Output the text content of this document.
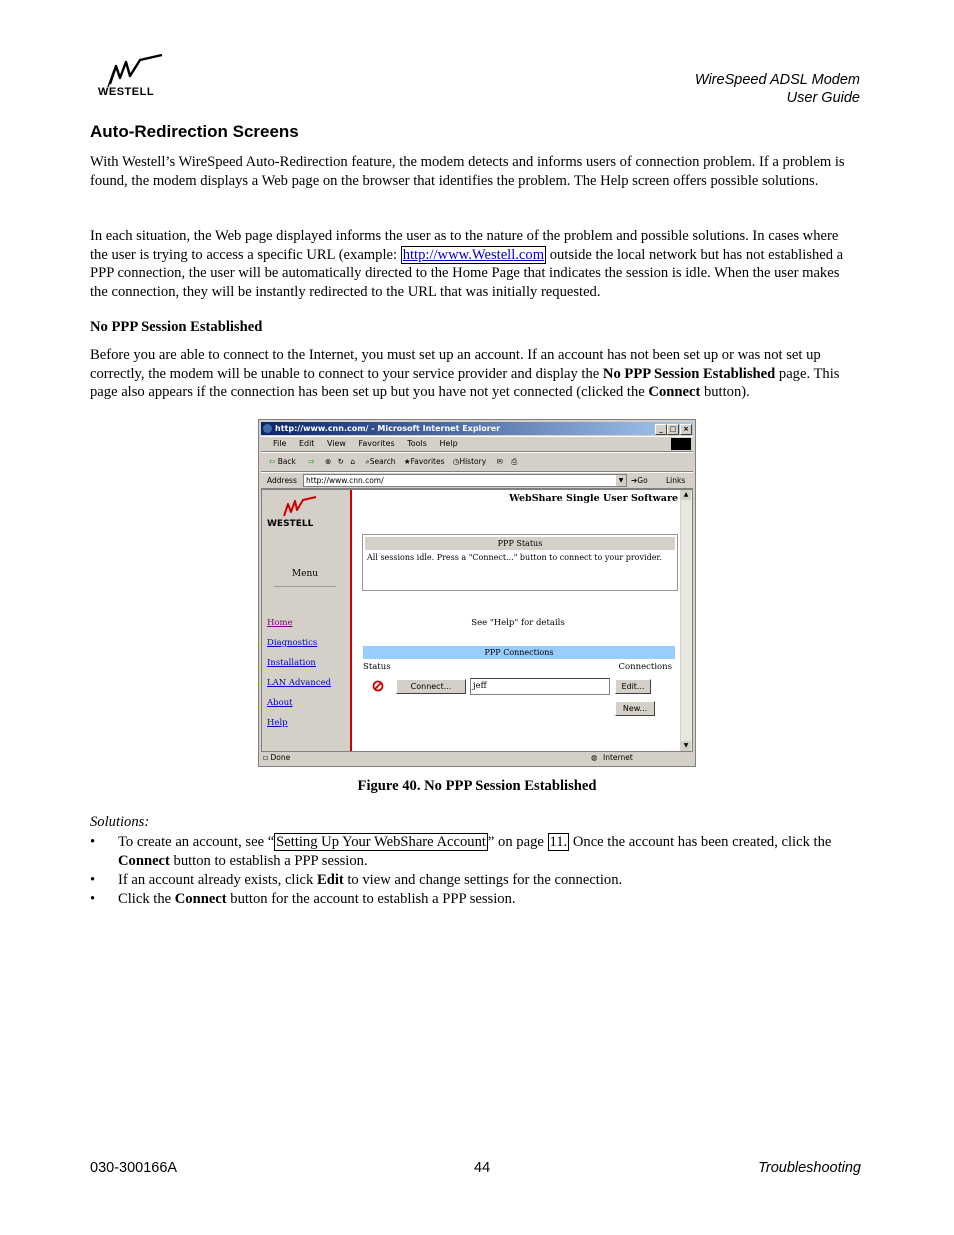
WESTELL
WireSpeed ADSL Modem
User Guide
Auto-Redirection Screens

With Westell’s WireSpeed Auto-Redirection feature, the modem detects and informs users of connection problem. If a problem is found, the modem displays a Web page on the browser that identifies the problem. The Help screen offers possible solutions.

In each situation, the Web page displayed informs the user as to the nature of the problem and possible solutions. In cases where the user is trying to access a specific URL (example: http://www.Westell.com outside the local network but has not established a PPP connection, the user will be automatically directed to the Home Page that indicates the session is idle. When the user makes the connection, they will be instantly redirected to the URL that was initially requested.

No PPP Session Established

Before you are able to connect to the Internet, you must set up an account. If an account has not been set up or was not set up correctly, the modem will be unable to connect to your service provider and display the No PPP Session Established page. This page also appears if the connection has been set up but you have not yet connected (clicked the Connect button).

http://www.cnn.com/ - Microsoft Internet Explorer	_ □ ×
File Edit View Favorites Tools Help
⇦ Back ⇨ ⊗ ↻ ⌂ ⌕Search ★Favorites ◷History ✉ ⎙
Address	http://www.cnn.com/	▼	➔Go Links
WESTELL
Menu
Home
Diagnostics
Installation
LAN Advanced
About
Help
WebShare Single User Software
PPP Status
All sessions idle. Press a "Connect..." button to connect to your provider.
See "Help" for details
PPP Connections
Status	Connections
Connect...	jeff	Edit...
New...
▲
▼
▫ Done	◍ Internet
Figure 40. No PPP Session Established
Solutions:
• To create an account, see “ Setting Up Your WebShare Account ” on page 11. Once the account has been created, click the Connect button to establish a PPP session.
• If an account already exists, click Edit to view and change settings for the connection.
• Click the Connect button for the account to establish a PPP session.
030-300166A	44	Troubleshooting
